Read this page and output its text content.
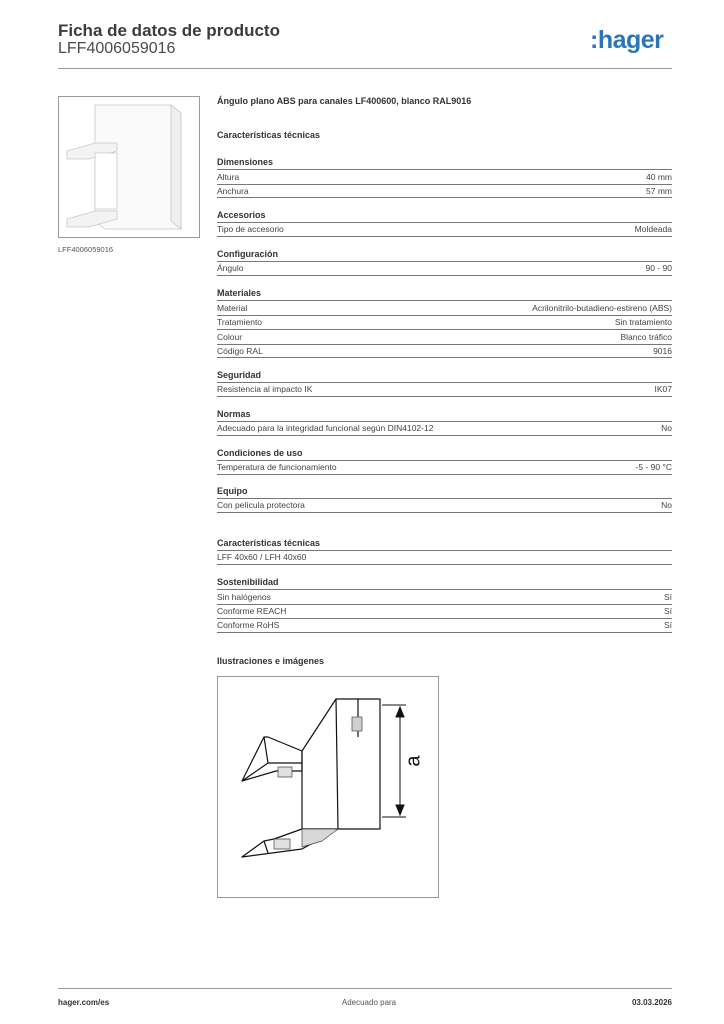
Ficha de datos de producto
LFF4006059016	:hager
LFF4006059016
Ángulo plano ABS para canales LF400600, blanco RAL9016
Características técnicas
Dimensiones
Altura	40 mm
Anchura	57 mm
Accesorios
Tipo de accesorio	Moldeada
Configuración
Ángulo	90 - 90
Materiales
Material	Acrilonitrilo-butadieno-estireno (ABS)
Tratamiento	Sin tratamiento
Colour	Blanco tráfico
Código RAL	9016
Seguridad
Resistencia al impacto IK	IK07
Normas
Adecuado para la integridad funcional según DIN4102-12	No
Condiciones de uso
Temperatura de funcionamiento	-5 - 90 °C
Equipo
Con película protectora	No
Características técnicas
LFF 40x60 / LFH 40x60
Sostenibilidad
Sin halógenos	Sí
Conforme REACH	Sí
Conforme RoHS	Sí
Ilustraciones e imágenes
a
hager.com/es	Adecuado para	03.03.2026
